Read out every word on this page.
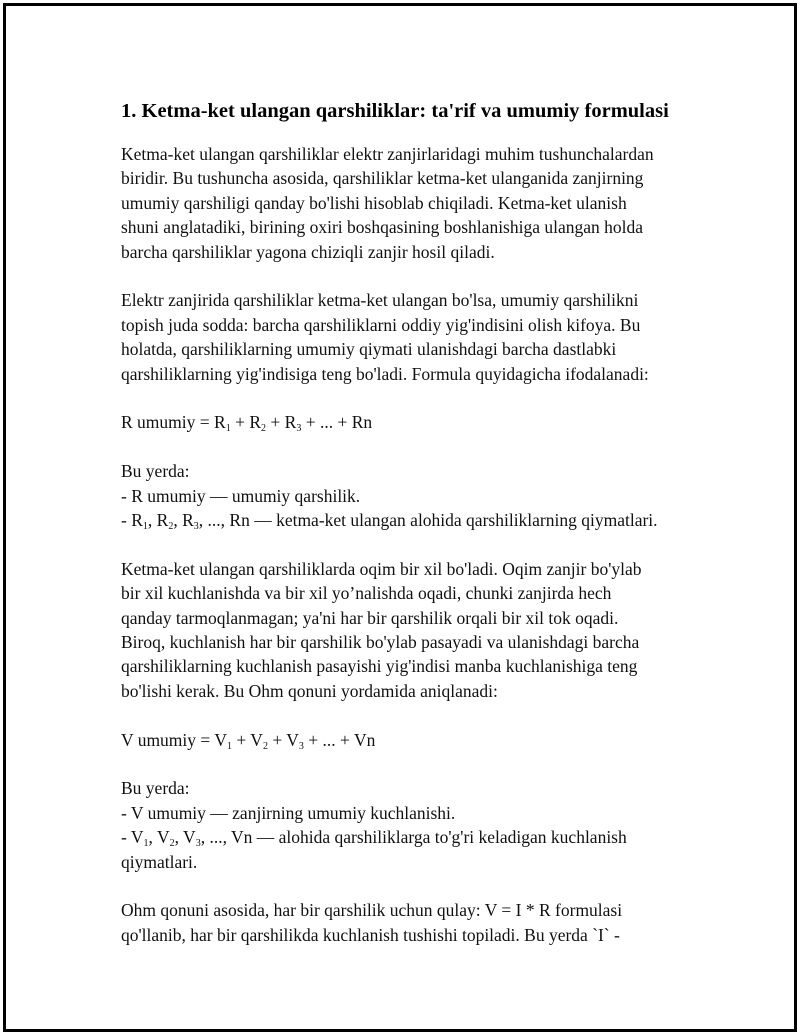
1. Ketma-ket ulangan qarshiliklar: ta'rif va umumiy formulasi

Ketma-ket ulangan qarshiliklar elektr zanjirlaridagi muhim tushunchalardan
biridir. Bu tushuncha asosida, qarshiliklar ketma-ket ulanganida zanjirning
umumiy qarshiligi qanday bo'lishi hisoblab chiqiladi. Ketma-ket ulanish
shuni anglatadiki, birining oxiri boshqasining boshlanishiga ulangan holda
barcha qarshiliklar yagona chiziqli zanjir hosil qiladi.

Elektr zanjirida qarshiliklar ketma-ket ulangan bo'lsa, umumiy qarshilikni
topish juda sodda: barcha qarshiliklarni oddiy yig'indisini olish kifoya. Bu
holatda, qarshiliklarning umumiy qiymati ulanishdagi barcha dastlabki
qarshiliklarning yig'indisiga teng bo'ladi. Formula quyidagicha ifodalanadi:

R umumiy = $R_1 + R_2 + R_3$ + ... + Rn

Bu yerda:
- R umumiy — umumiy qarshilik.
- $R_1$, $R_2$, $R_3$, ..., Rn — ketma-ket ulangan alohida qarshiliklarning qiymatlari.

Ketma-ket ulangan qarshiliklarda oqim bir xil bo'ladi. Oqim zanjir bo'ylab
bir xil kuchlanishda va bir xil yo’nalishda oqadi, chunki zanjirda hech
qanday tarmoqlanmagan; ya'ni har bir qarshilik orqali bir xil tok oqadi.
Biroq, kuchlanish har bir qarshilik bo'ylab pasayadi va ulanishdagi barcha
qarshiliklarning kuchlanish pasayishi yig'indisi manba kuchlanishiga teng
bo'lishi kerak. Bu Ohm qonuni yordamida aniqlanadi:

V umumiy = $V_1 + V_2 + V_3$ + ... + Vn

Bu yerda:
- V umumiy — zanjirning umumiy kuchlanishi.
- $V_1$, $V_2$, $V_3$, ..., Vn — alohida qarshiliklarga to'g'ri keladigan kuchlanish
qiymatlari.

Ohm qonuni asosida, har bir qarshilik uchun qulay: V = I * R formulasi
qo'llanib, har bir qarshilikda kuchlanish tushishi topiladi. Bu yerda `I` -
